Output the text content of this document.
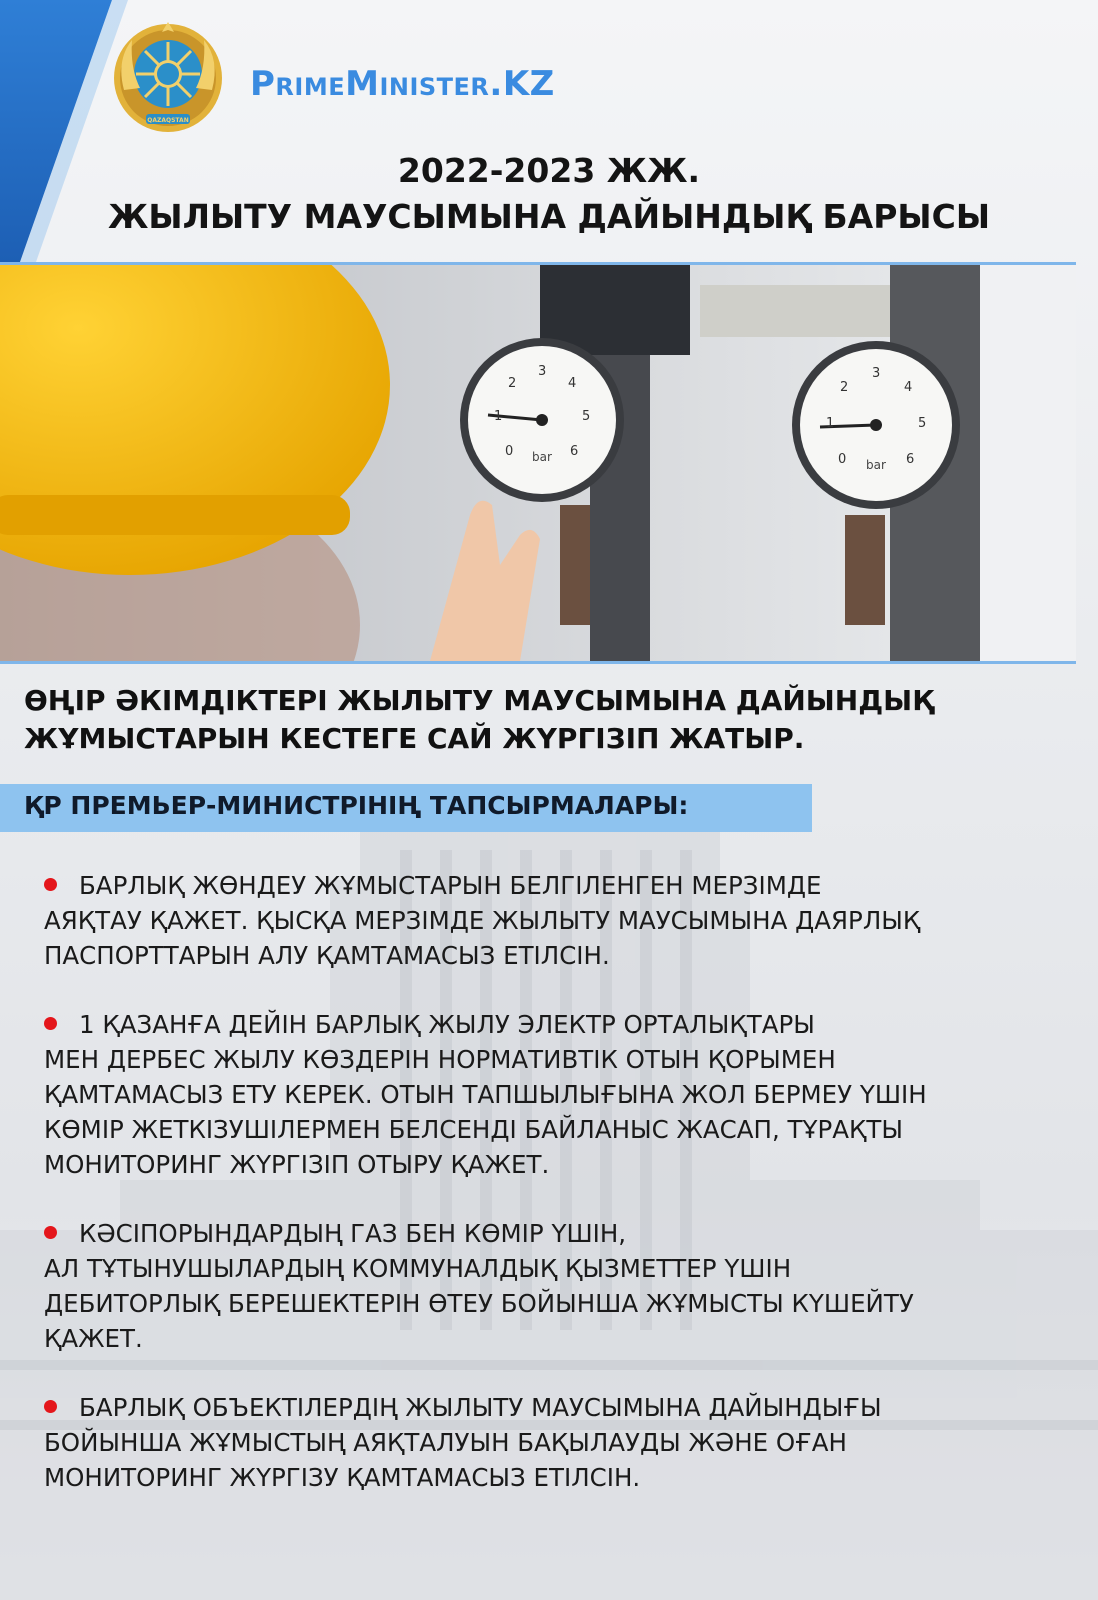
QAZAQSTAN
PrimeMinister.KZ
2022-2023 ЖЖ.
ЖЫЛЫТУ МАУСЫМЫНА ДАЙЫНДЫҚ БАРЫСЫ
bar
0
1
2
3
4
5
6
bar
0
1
2
3
4
5
6
ӨҢІР ӘКІМДІКТЕРІ ЖЫЛЫТУ МАУСЫМЫНА ДАЙЫНДЫҚ
ЖҰМЫСТАРЫН КЕСТЕГЕ САЙ ЖҮРГІЗІП ЖАТЫР.
ҚР ПРЕМЬЕР-МИНИСТРІНІҢ ТАПСЫРМАЛАРЫ:
БАРЛЫҚ ЖӨНДЕУ ЖҰМЫСТАРЫН БЕЛГІЛЕНГЕН МЕРЗІМДЕ
АЯҚТАУ ҚАЖЕТ. ҚЫСҚА МЕРЗІМДЕ ЖЫЛЫТУ МАУСЫМЫНА ДАЯРЛЫҚ
ПАСПОРТТАРЫН АЛУ ҚАМТАМАСЫЗ ЕТІЛСІН.
1 ҚАЗАНҒА ДЕЙІН БАРЛЫҚ ЖЫЛУ ЭЛЕКТР ОРТАЛЫҚТАРЫ
МЕН ДЕРБЕС ЖЫЛУ КӨЗДЕРІН НОРМАТИВТІК ОТЫН ҚОРЫМЕН
ҚАМТАМАСЫЗ ЕТУ КЕРЕК. ОТЫН ТАПШЫЛЫҒЫНА ЖОЛ БЕРМЕУ ҮШІН
КӨМІР ЖЕТКІЗУШІЛЕРМЕН БЕЛСЕНДІ БАЙЛАНЫС ЖАСАП, ТҰРАҚТЫ
МОНИТОРИНГ ЖҮРГІЗІП ОТЫРУ ҚАЖЕТ.
КӘСІПОРЫНДАРДЫҢ ГАЗ БЕН КӨМІР ҮШІН,
АЛ ТҰТЫНУШЫЛАРДЫҢ КОММУНАЛДЫҚ ҚЫЗМЕТТЕР ҮШІН
ДЕБИТОРЛЫҚ БЕРЕШЕКТЕРІН ӨТЕУ БОЙЫНША ЖҰМЫСТЫ КҮШЕЙТУ
ҚАЖЕТ.
БАРЛЫҚ ОБЪЕКТІЛЕРДІҢ ЖЫЛЫТУ МАУСЫМЫНА ДАЙЫНДЫҒЫ
БОЙЫНША ЖҰМЫСТЫҢ АЯҚТАЛУЫН БАҚЫЛАУДЫ ЖӘНЕ ОҒАН
МОНИТОРИНГ ЖҮРГІЗУ ҚАМТАМАСЫЗ ЕТІЛСІН.
